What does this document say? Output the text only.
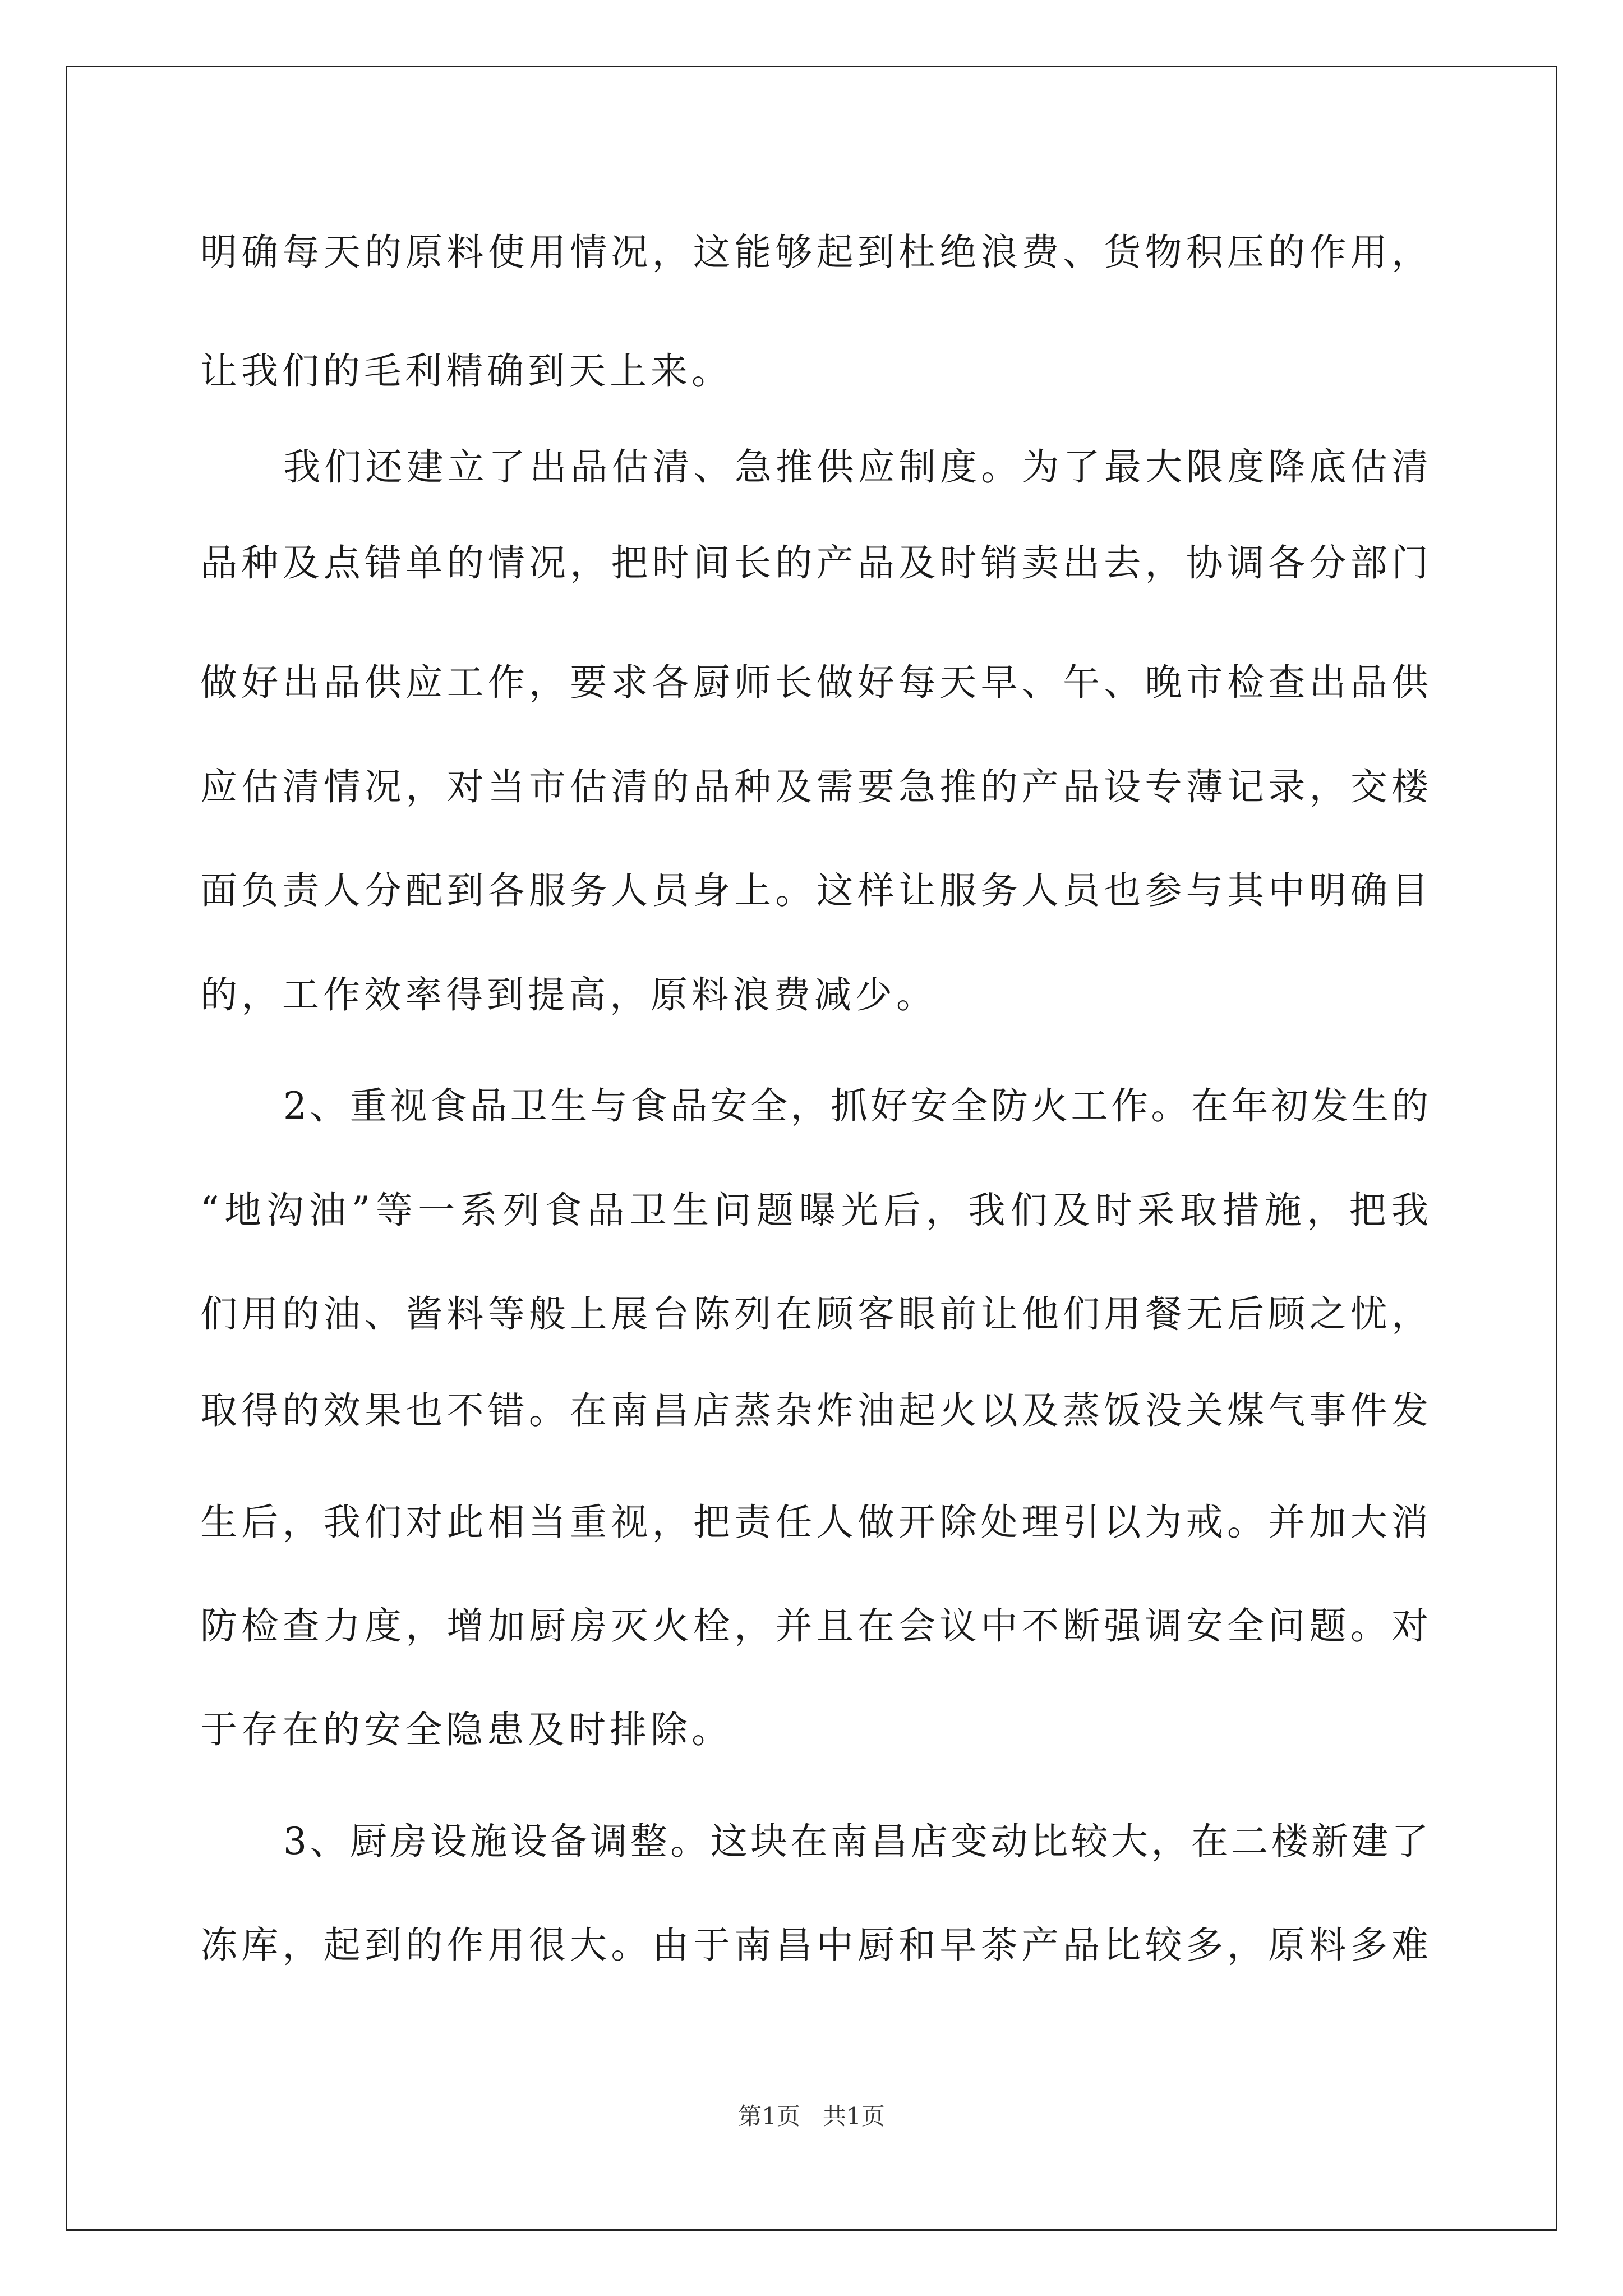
明确每天的原料使用情况，这能够起到杜绝浪费、货物积压的作用，

让我们的毛利精确到天上来。

我们还建立了出品估清、急推供应制度。为了最大限度降底估清

品种及点错单的情况，把时间长的产品及时销卖出去，协调各分部门

做好出品供应工作，要求各厨师长做好每天早、午、晚市检查出品供

应估清情况，对当市估清的品种及需要急推的产品设专薄记录，交楼

面负责人分配到各服务人员身上。这样让服务人员也参与其中明确目

的，工作效率得到提高，原料浪费减少。

2、重视食品卫生与食品安全，抓好安全防火工作。在年初发生的

“地沟油”等一系列食品卫生问题曝光后，我们及时采取措施，把我

们用的油、酱料等般上展台陈列在顾客眼前让他们用餐无后顾之忧，

取得的效果也不错。在南昌店蒸杂炸油起火以及蒸饭没关煤气事件发

生后，我们对此相当重视，把责任人做开除处理引以为戒。并加大消

防检查力度，增加厨房灭火栓，并且在会议中不断强调安全问题。对

于存在的安全隐患及时排除。

3、厨房设施设备调整。这块在南昌店变动比较大，在二楼新建了

冻库，起到的作用很大。由于南昌中厨和早茶产品比较多，原料多难

第1页   共1页
